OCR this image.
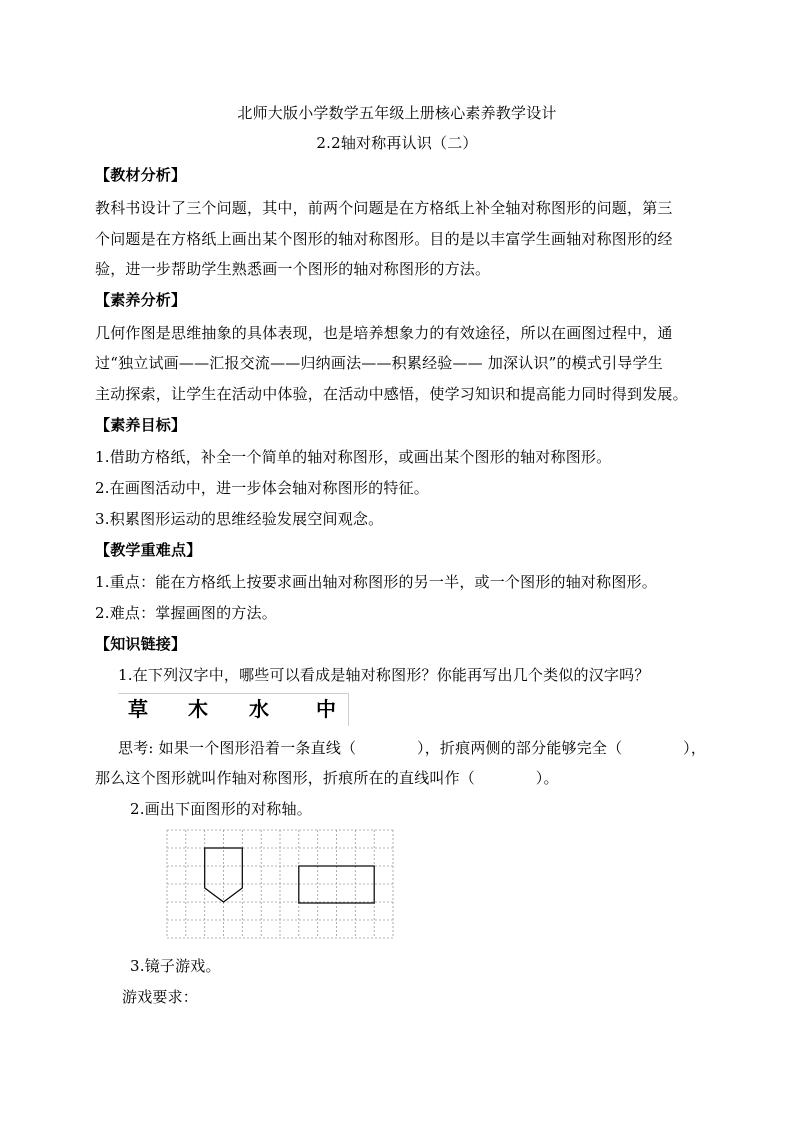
北师大版小学数学五年级上册核心素养教学设计
2.2轴对称再认识（二）
【教材分析】
教科书设计了三个问题，其中，前两个问题是在方格纸上补全轴对称图形的问题，第三
个问题是在方格纸上画出某个图形的轴对称图形。目的是以丰富学生画轴对称图形的经
验，进一步帮助学生熟悉画一个图形的轴对称图形的方法。
【素养分析】
几何作图是思维抽象的具体表现，也是培养想象力的有效途径，所以在画图过程中，通
过“独立试画——汇报交流——归纳画法——积累经验—— 加深认识”的模式引导学生
主动探索，让学生在活动中体验，在活动中感悟，使学习知识和提高能力同时得到发展。
【素养目标】
1.借助方格纸，补全一个简单的轴对称图形，或画出某个图形的轴对称图形。
2.在画图活动中，进一步体会轴对称图形的特征。
3.积累图形运动的思维经验发展空间观念。
【教学重难点】
1.重点：能在方格纸上按要求画出轴对称图形的另一半，或一个图形的轴对称图形。
2.难点：掌握画图的方法。
【知识链接】
1.在下列汉字中，哪些可以看成是轴对称图形？你能再写出几个类似的汉字吗？
草 木 水 中
思考: 如果一个图形沿着一条直线（　　　　），折痕两侧的部分能够完全（　　　　），
那么这个图形就叫作轴对称图形，折痕所在的直线叫作（　　　　）。
2.画出下面图形的对称轴。
3.镜子游戏。
游戏要求：
